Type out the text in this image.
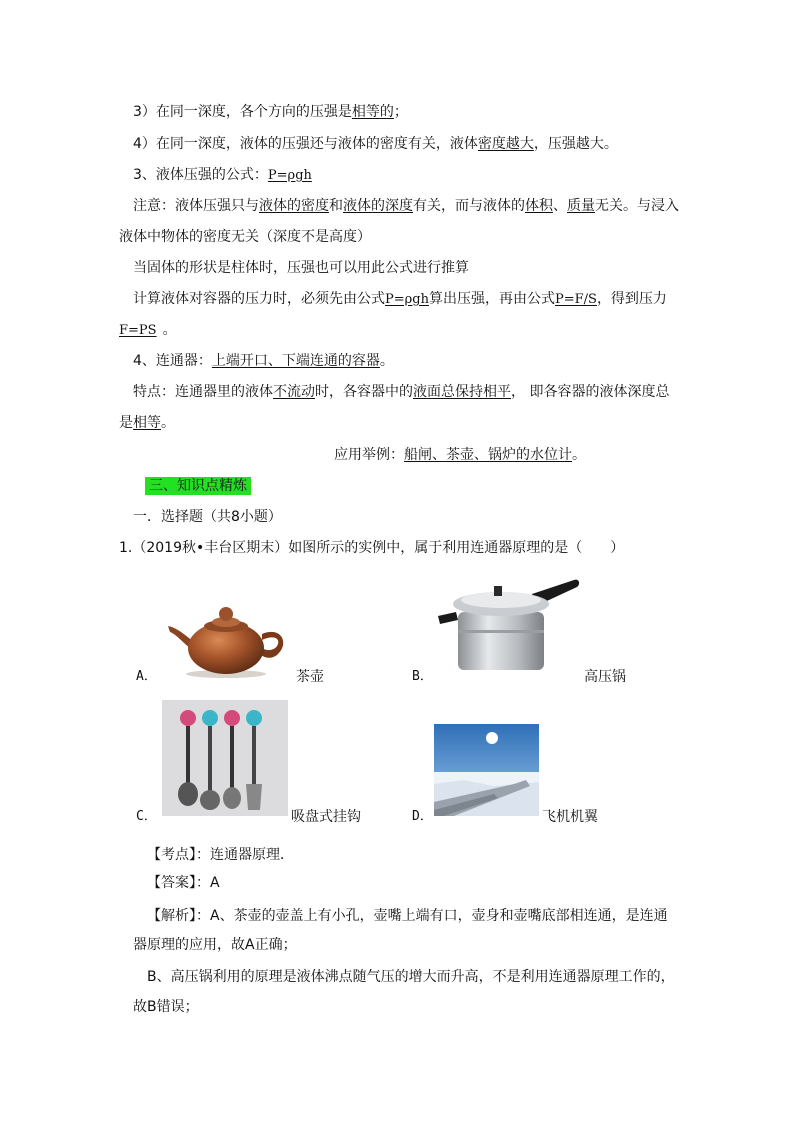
3）在同一深度，各个方向的压强是相等的；
4）在同一深度，液体的压强还与液体的密度有关，液体密度越大，压强越大。
3、液体压强的公式：P=ρgh
注意：液体压强只与液体的密度和液体的深度有关，而与液体的体积、质量无关。与浸入
液体中物体的密度无关（深度不是高度）
当固体的形状是柱体时，压强也可以用此公式进行推算
计算液体对容器的压力时，必须先由公式P=ρgh算出压强，再由公式P=F/S，得到压力
F=PS 。
4、连通器：上端开口、下端连通的容器。
特点：连通器里的液体不流动时，各容器中的液面总保持相平， 即各容器的液体深度总
是相等。
应用举例：船闸、茶壶、锅炉的水位计。
三、知识点精炼
一．选择题（共8小题）
1.（2019秋•丰台区期末）如图所示的实例中，属于利用连通器原理的是（　　）
A．	茶壶	B．	高压锅
C．	吸盘式挂钩	D．	飞机机翼
【考点】：连通器原理．
【答案】：A
【解析】：A、茶壶的壶盖上有小孔，壶嘴上端有口，壶身和壶嘴底部相连通，是连通
器原理的应用，故A正确；
B、高压锅利用的原理是液体沸点随气压的增大而升高，不是利用连通器原理工作的，
故B错误；
